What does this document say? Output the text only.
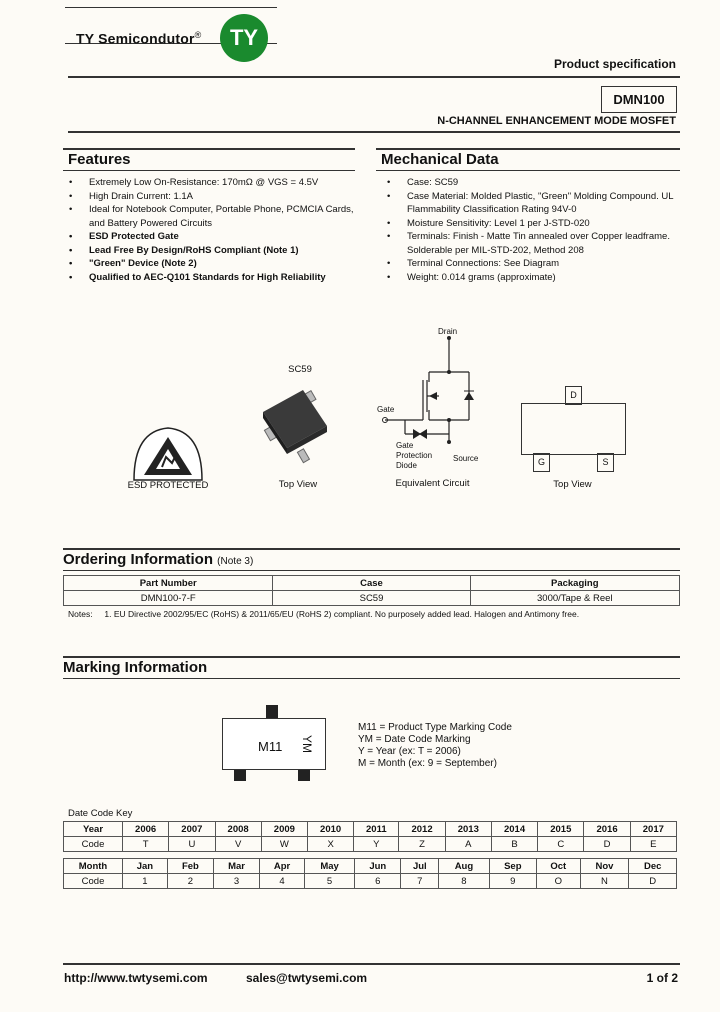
TY Semicondutor®	TY
Product specification
DMN100
N-CHANNEL ENHANCEMENT MODE MOSFET
Features
• Extremely Low On-Resistance: 170mΩ @ VGS = 4.5V
• High Drain Current: 1.1A
• Ideal for Notebook Computer, Portable Phone, PCMCIA Cards, and Battery Powered Circuits
• ESD Protected Gate
• Lead Free By Design/RoHS Compliant (Note 1)
• "Green" Device (Note 2)
• Qualified to AEC-Q101 Standards for High Reliability
Mechanical Data
• Case: SC59
• Case Material: Molded Plastic, "Green" Molding Compound. UL Flammability Classification Rating 94V-0
• Moisture Sensitivity: Level 1 per J-STD-020
• Terminals: Finish - Matte Tin annealed over Copper leadframe. Solderable per MIL-STD-202, Method 208
• Terminal Connections: See Diagram
• Weight: 0.014 grams (approximate)
ESD PROTECTED
SC59
Top View
Drain
Gate
Source
Gate Protection Diode
Equivalent Circuit
D
G	S
Top View
Ordering Information (Note 3)
Part Number	Case	Packaging
DMN100-7-F	SC59	3000/Tape & Reel
Notes: 1. EU Directive 2002/95/EC (RoHS) & 2011/65/EU (RoHS 2) compliant. No purposely added lead. Halogen and Antimony free.
Marking Information
M11 YM
M11 = Product Type Marking Code
YM = Date Code Marking
Y = Year (ex: T = 2006)
M = Month (ex: 9 = September)
Date Code Key
Year	2006	2007	2008	2009	2010	2011	2012	2013	2014	2015	2016	2017
Code	T	U	V	W	X	Y	Z	A	B	C	D	E
Month	Jan	Feb	Mar	Apr	May	Jun	Jul	Aug	Sep	Oct	Nov	Dec
Code	1	2	3	4	5	6	7	8	9	O	N	D
http://www.twtysemi.com	sales@twtysemi.com	1 of 2
